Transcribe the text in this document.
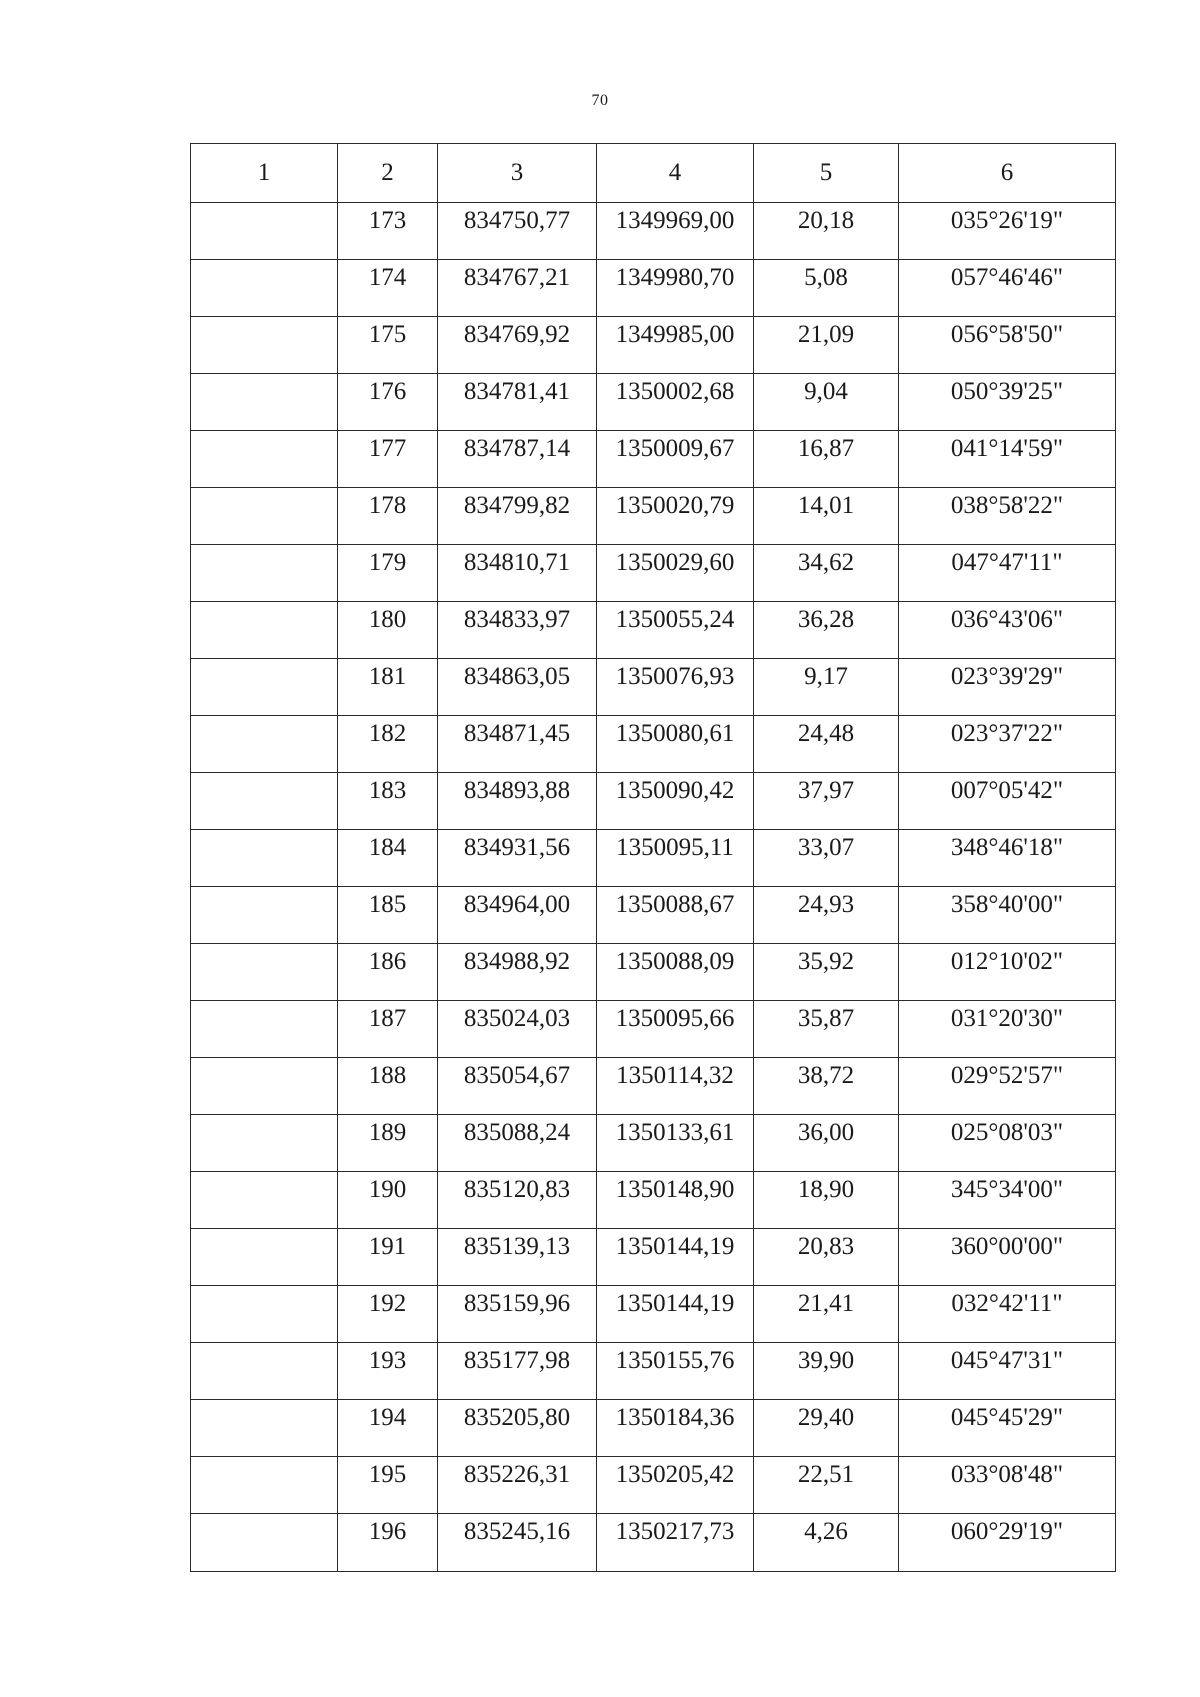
70
1	2	3	4	5	6
	173	834750,77	1349969,00	20,18	035°26'19"
	174	834767,21	1349980,70	5,08	057°46'46"
	175	834769,92	1349985,00	21,09	056°58'50"
	176	834781,41	1350002,68	9,04	050°39'25"
	177	834787,14	1350009,67	16,87	041°14'59"
	178	834799,82	1350020,79	14,01	038°58'22"
	179	834810,71	1350029,60	34,62	047°47'11"
	180	834833,97	1350055,24	36,28	036°43'06"
	181	834863,05	1350076,93	9,17	023°39'29"
	182	834871,45	1350080,61	24,48	023°37'22"
	183	834893,88	1350090,42	37,97	007°05'42"
	184	834931,56	1350095,11	33,07	348°46'18"
	185	834964,00	1350088,67	24,93	358°40'00"
	186	834988,92	1350088,09	35,92	012°10'02"
	187	835024,03	1350095,66	35,87	031°20'30"
	188	835054,67	1350114,32	38,72	029°52'57"
	189	835088,24	1350133,61	36,00	025°08'03"
	190	835120,83	1350148,90	18,90	345°34'00"
	191	835139,13	1350144,19	20,83	360°00'00"
	192	835159,96	1350144,19	21,41	032°42'11"
	193	835177,98	1350155,76	39,90	045°47'31"
	194	835205,80	1350184,36	29,40	045°45'29"
	195	835226,31	1350205,42	22,51	033°08'48"
	196	835245,16	1350217,73	4,26	060°29'19"
